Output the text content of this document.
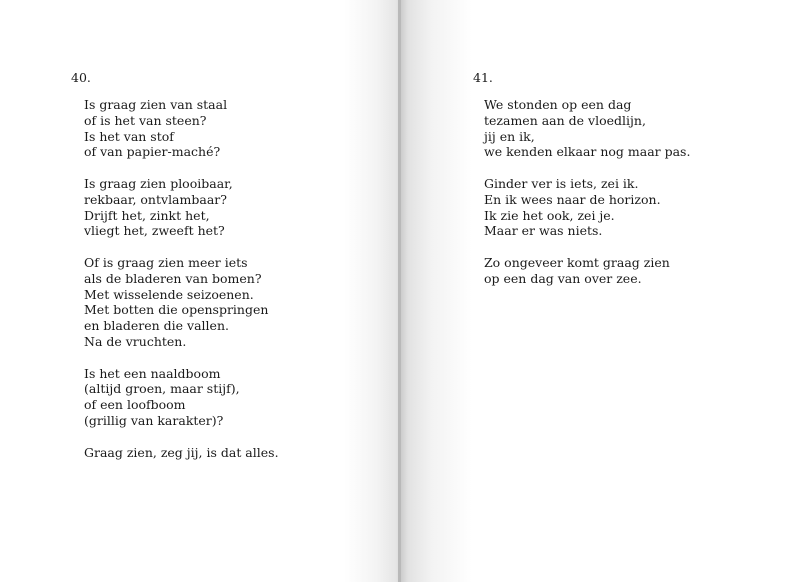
40.
Is graag zien van staal
of is het van steen?
Is het van stof
of van papier-maché?
Is graag zien plooibaar,
rekbaar, ontvlambaar?
Drijft het, zinkt het,
vliegt het, zweeft het?
Of is graag zien meer iets
als de bladeren van bomen?
Met wisselende seizoenen.
Met botten die openspringen
en bladeren die vallen.
Na de vruchten.
Is het een naaldboom
(altijd groen, maar stijf),
of een loofboom
(grillig van karakter)?
Graag zien, zeg jij, is dat alles.
41.
We stonden op een dag
tezamen aan de vloedlijn,
jij en ik,
we kenden elkaar nog maar pas.
Ginder ver is iets, zei ik.
En ik wees naar de horizon.
Ik zie het ook, zei je.
Maar er was niets.
Zo ongeveer komt graag zien
op een dag van over zee.
